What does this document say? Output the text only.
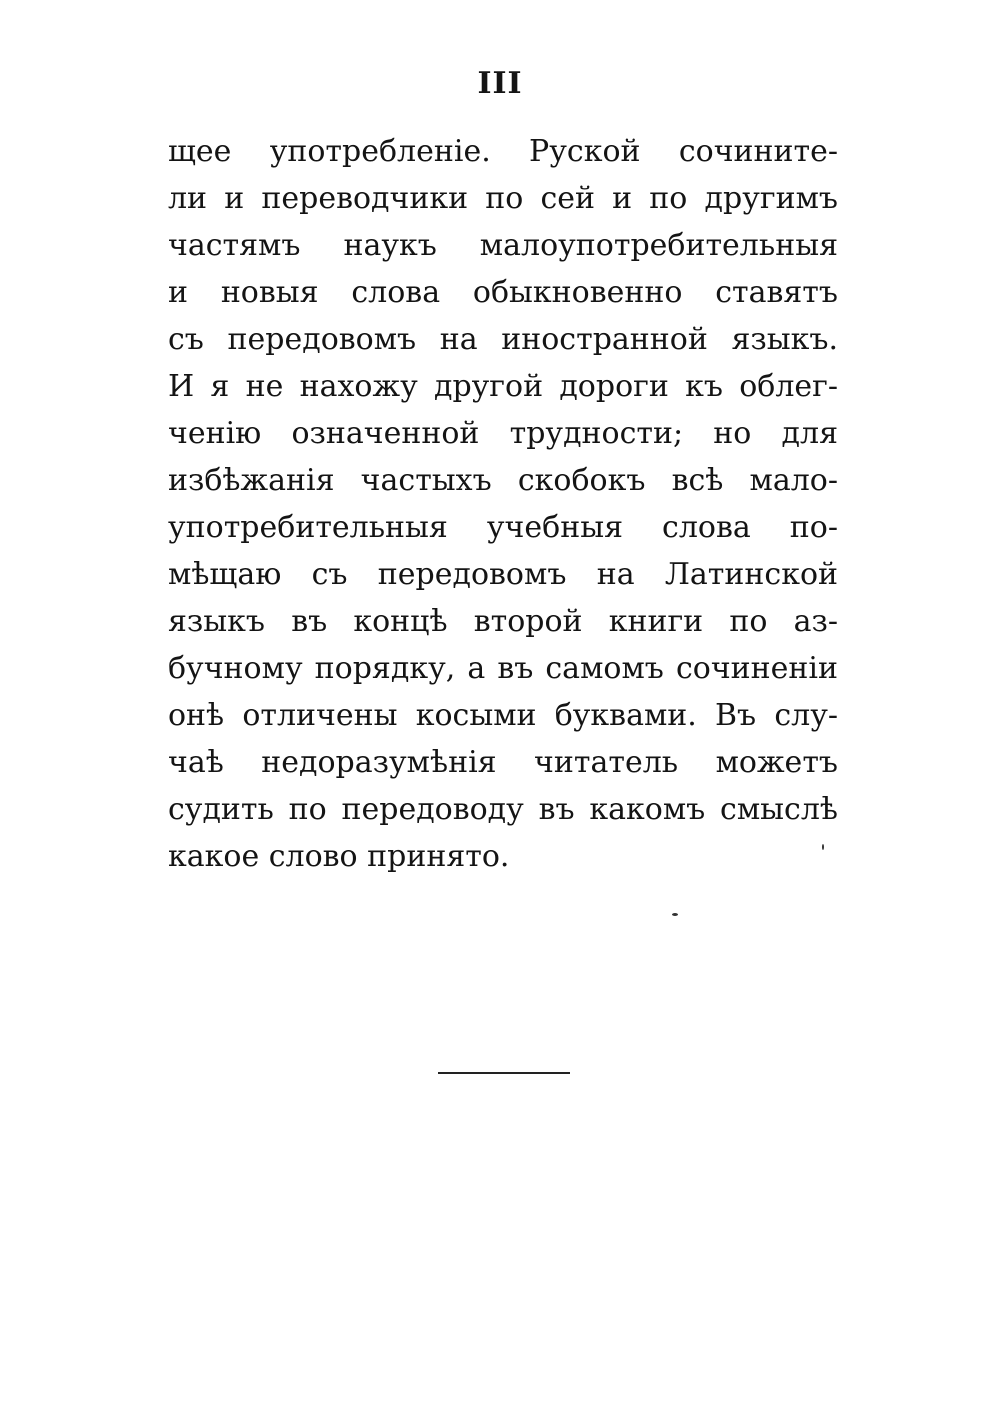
III
щее употребленіе. Руской сочините-
ли и переводчики по сей и по другимъ
частямъ наукъ малоупотребительныя
и новыя слова обыкновенно ставятъ
съ передовомъ на иностранной языкъ.
И я не нахожу другой дороги къ облег-
ченію означенной трудности; но для
избѣжанія частыхъ скобокъ всѣ мало-
употребительныя учебныя слова по-
мѣщаю съ передовомъ на Латинской
языкъ въ концѣ второй книги по аз-
бучному порядку, а въ самомъ сочиненіи
онѣ отличены косыми буквами. Въ слу-
чаѣ недоразумѣнія читатель можетъ
судить по передоводу въ какомъ смыслѣ
какое слово принято.
